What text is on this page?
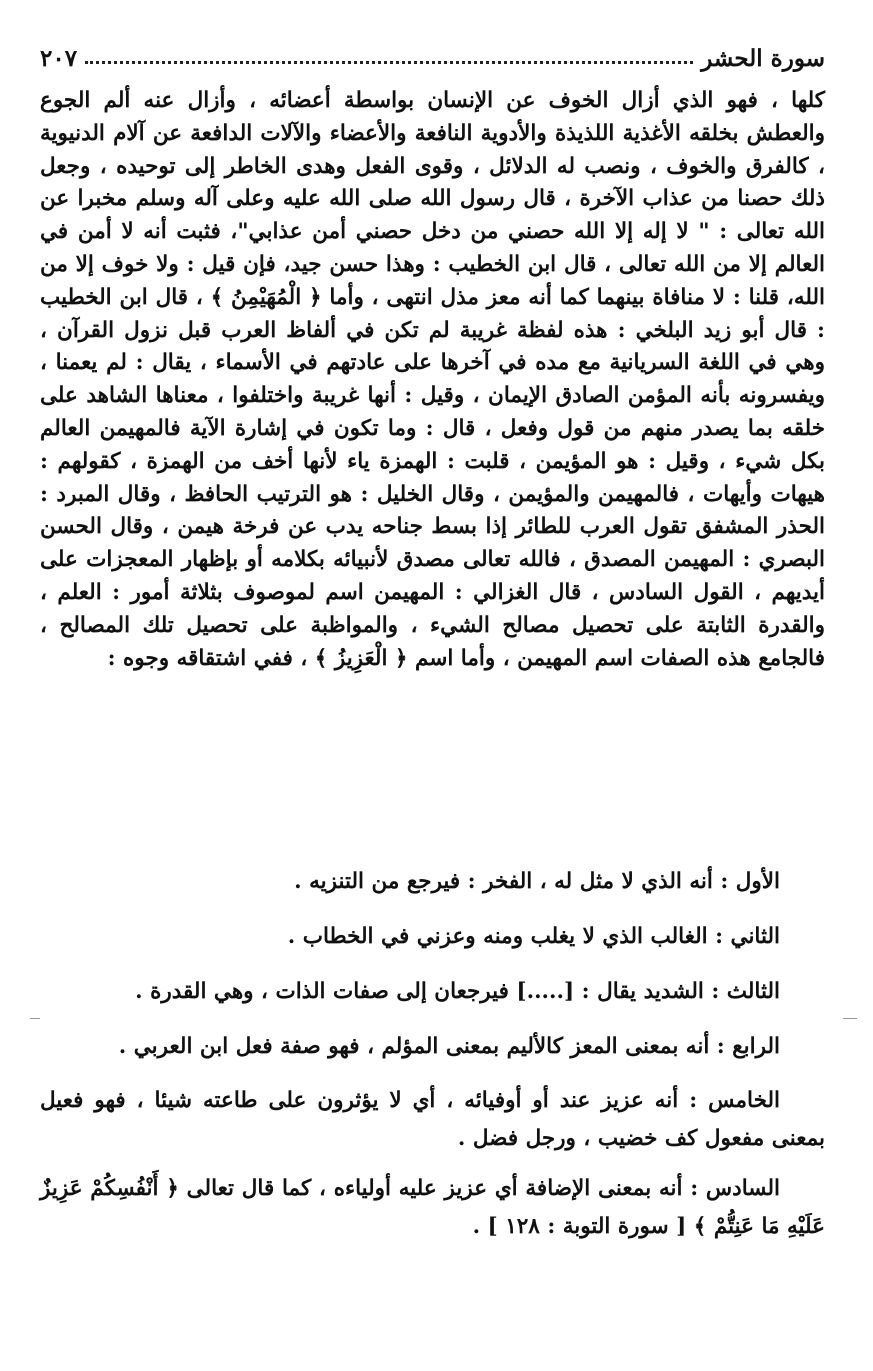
سورة الحشر
٢٠٧

كلها ، فهو الذي أزال الخوف عن الإنسان بواسطة أعضائه ، وأزال عنه ألم الجوع والعطش بخلقه الأغذية اللذيذة والأدوية النافعة والأعضاء والآلات الدافعة عن آلام الدنيوية ، كالفرق والخوف ، ونصب له الدلائل ، وقوى الفعل وهدى الخاطر إلى توحيده ، وجعل ذلك حصنا من عذاب الآخرة ، قال رسول الله صلى الله عليه وعلى آله وسلم مخبرا عن الله تعالى : " لا إله إلا الله حصني من دخل حصني أمن عذابي"، فثبت أنه لا أمن في العالم إلا من الله تعالى ، قال ابن الخطيب : وهذا حسن جيد، فإن قيل : ولا خوف إلا من الله، قلنا : لا منافاة بينهما كما أنه معز مذل انتهى ، وأما ﴿ الْمُهَيْمِنُ ﴾ ، قال ابن الخطيب : قال أبو زيد البلخي : هذه لفظة غريبة لم تكن في ألفاظ العرب قبل نزول القرآن ، وهي في اللغة السريانية مع مده في آخرها على عادتهم في الأسماء ، يقال : لم يعمنا ، ويفسرونه بأنه المؤمن الصادق الإيمان ، وقيل : أنها غريبة واختلفوا ، معناها الشاهد على خلقه بما يصدر منهم من قول وفعل ، قال : وما تكون في إشارة الآية فالمهيمن العالم بكل شيء ، وقيل : هو المؤيمن ، قلبت : الهمزة ياء لأنها أخف من الهمزة ، كقولهم : هيهات وأيهات ، فالمهيمن والمؤيمن ، وقال الخليل : هو الترتيب الحافظ ، وقال المبرد : الحذر المشفق تقول العرب للطائر إذا بسط جناحه يدب عن فرخة هيمن ، وقال الحسن البصري : المهيمن المصدق ، فالله تعالى مصدق لأنبيائه بكلامه أو بإظهار المعجزات على أيديهم ، القول السادس ، قال الغزالي : المهيمن اسم لموصوف بثلاثة أمور : العلم ، والقدرة الثابتة على تحصيل مصالح الشيء ، والمواظبة على تحصيل تلك المصالح ، فالجامع هذه الصفات اسم المهيمن ، وأما اسم ﴿ الْعَزِيزُ ﴾ ، ففي اشتقاقه وجوه :

الأول : أنه الذي لا مثل له ، الفخر : فيرجع من التنزيه .
الثاني : الغالب الذي لا يغلب ومنه وعزني في الخطاب .
الثالث : الشديد يقال : [.....] فيرجعان إلى صفات الذات ، وهي القدرة .
الرابع : أنه بمعنى المعز كالأليم بمعنى المؤلم ، فهو صفة فعل ابن العربي .
الخامس : أنه عزيز عند أو أوفيائه ، أي لا يؤثرون على طاعته شيئا ، فهو فعيل بمعنى مفعول كف خضيب ، ورجل فضل .
السادس : أنه بمعنى الإضافة أي عزيز عليه أولياءه ، كما قال تعالى ﴿ أَنْفُسِكُمْ عَزِيزٌ عَلَيْهِ مَا عَنِتُّمْ ﴾ [ سورة التوبة : ١٢٨ ] .
